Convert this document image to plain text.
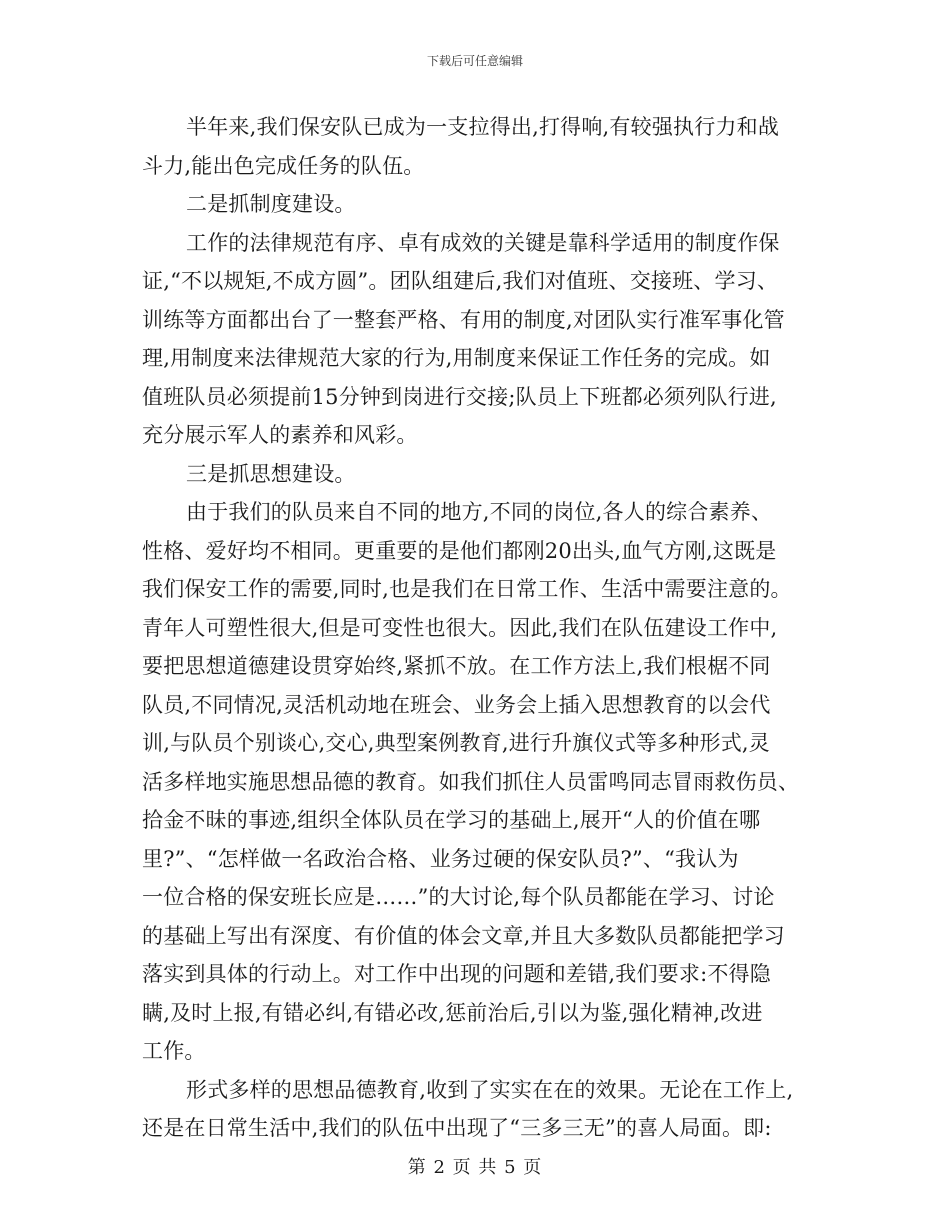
下载后可任意编辑
半年来,我们保安队已成为一支拉得出,打得响,有较强执行力和战
斗力,能出色完成任务的队伍。
二是抓制度建设。
工作的法律规范有序、卓有成效的关键是靠科学适用的制度作保
证,“不以规矩,不成方圆”。团队组建后,我们对值班、交接班、学习、
训练等方面都出台了一整套严格、有用的制度,对团队实行准军事化管
理,用制度来法律规范大家的行为,用制度来保证工作任务的完成。如
值班队员必须提前15分钟到岗进行交接;队员上下班都必须列队行进,
充分展示军人的素养和风彩。
三是抓思想建设。
由于我们的队员来自不同的地方,不同的岗位,各人的综合素养、
性格、爱好均不相同。更重要的是他们都刚20出头,血气方刚,这既是
我们保安工作的需要,同时,也是我们在日常工作、生活中需要注意的。
青年人可塑性很大,但是可变性也很大。因此,我们在队伍建设工作中,
要把思想道德建设贯穿始终,紧抓不放。在工作方法上,我们根椐不同
队员,不同情况,灵活机动地在班会、业务会上插入思想教育的以会代
训,与队员个别谈心,交心,典型案例教育,进行升旗仪式等多种形式,灵
活多样地实施思想品德的教育。如我们抓住人员雷鸣同志冒雨救伤员、
拾金不昧的事迹,组织全体队员在学习的基础上,展开“人的价值在哪
里?”、“怎样做一名政治合格、业务过硬的保安队员?”、“我认为
一位合格的保安班长应是……”的大讨论,每个队员都能在学习、讨论
的基础上写出有深度、有价值的体会文章,并且大多数队员都能把学习
落实到具体的行动上。对工作中出现的问题和差错,我们要求:不得隐
瞒,及时上报,有错必纠,有错必改,惩前治后,引以为鉴,强化精神,改进
工作。
形式多样的思想品德教育,收到了实实在在的效果。无论在工作上,
还是在日常生活中,我们的队伍中出现了“三多三无”的喜人局面。即:
第 2 页 共 5 页
